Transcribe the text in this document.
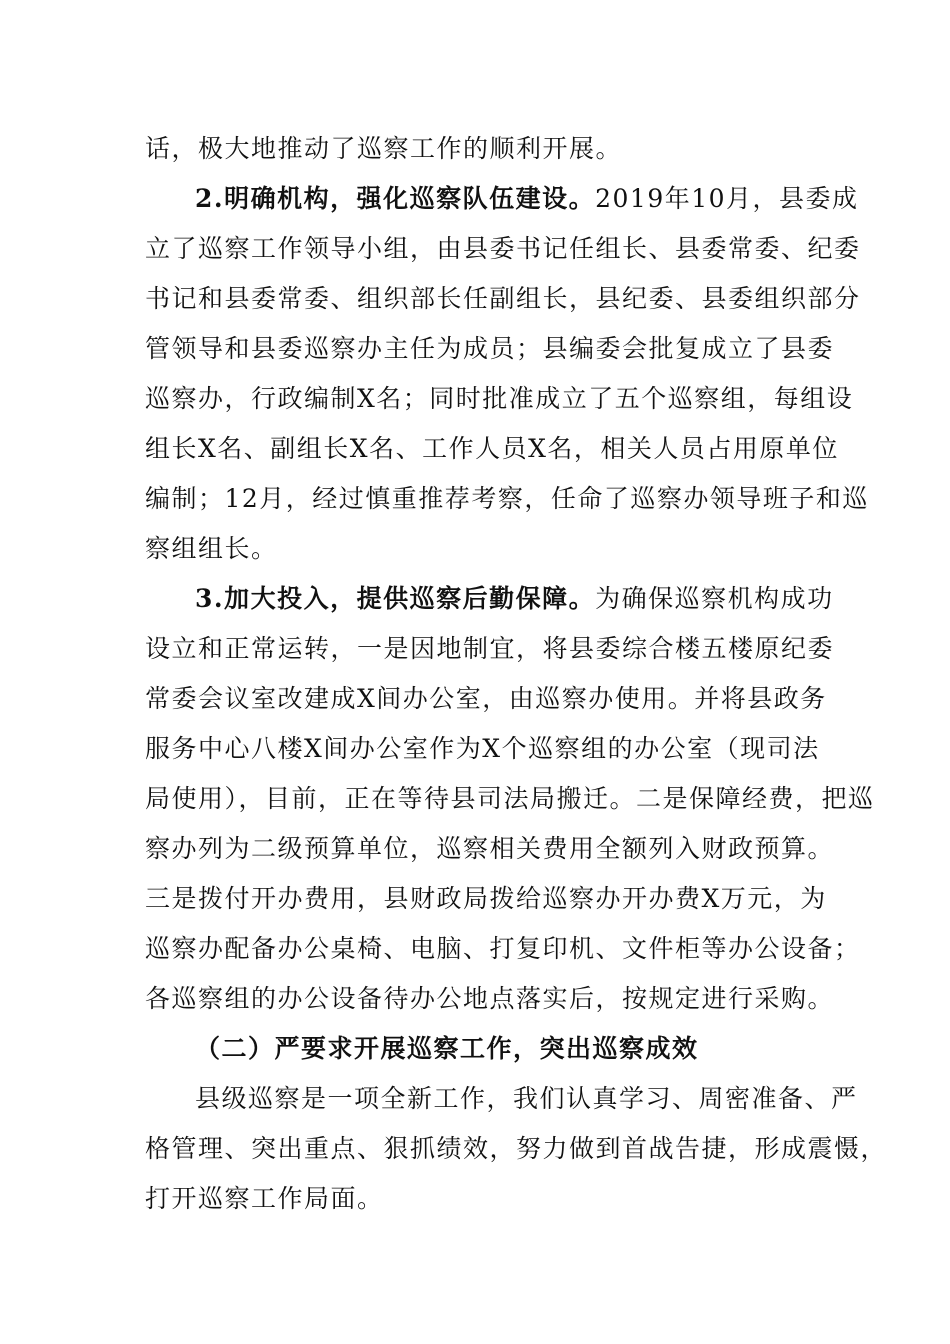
话，极大地推动了巡察工作的顺利开展。
2.明确机构，强化巡察队伍建设。2019年10月，县委成
立了巡察工作领导小组，由县委书记任组长、县委常委、纪委
书记和县委常委、组织部长任副组长，县纪委、县委组织部分
管领导和县委巡察办主任为成员；县编委会批复成立了县委
巡察办，行政编制X名；同时批准成立了五个巡察组，每组设
组长X名、副组长X名、工作人员X名，相关人员占用原单位
编制；12月，经过慎重推荐考察，任命了巡察办领导班子和巡
察组组长。
3.加大投入，提供巡察后勤保障。为确保巡察机构成功
设立和正常运转，一是因地制宜，将县委综合楼五楼原纪委
常委会议室改建成X间办公室，由巡察办使用。并将县政务
服务中心八楼X间办公室作为X个巡察组的办公室（现司法
局使用），目前，正在等待县司法局搬迁。二是保障经费，把巡
察办列为二级预算单位，巡察相关费用全额列入财政预算。
三是拨付开办费用，县财政局拨给巡察办开办费X万元，为
巡察办配备办公桌椅、电脑、打复印机、文件柜等办公设备；
各巡察组的办公设备待办公地点落实后，按规定进行采购。
（二）严要求开展巡察工作，突出巡察成效
县级巡察是一项全新工作，我们认真学习、周密准备、严
格管理、突出重点、狠抓绩效，努力做到首战告捷，形成震慑，
打开巡察工作局面。
